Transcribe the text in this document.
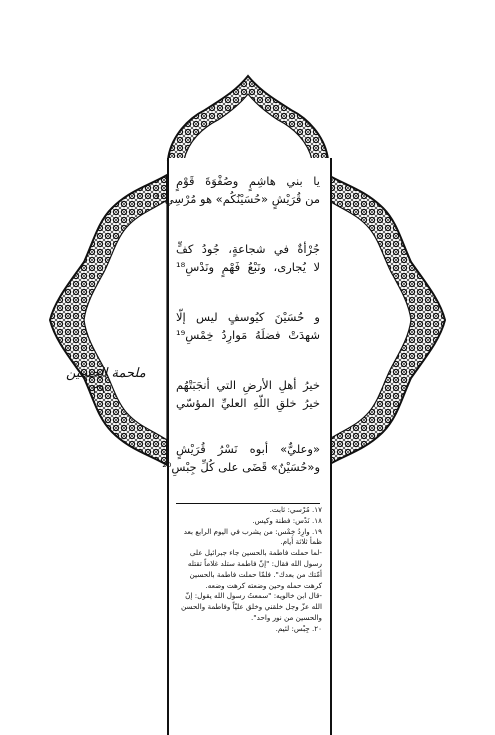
ملحمة الحسين
٢٩
يا بني هاشِمٍ وصُفْوَةَ قَوْمٍ
من قُرَيْشٍ «حُسَيْنُكُم» هو مُرْسِي¹⁷
جُرْأةٌ في شجاعةٍ، جُودُ كفٍّ
لا يُجارى، ونَبْعُ فَهْمٍ ونَدْسِ¹⁸
و حُسَيْنَ كيُوسفٍ ليس إلّا
شهدَتْ فضلَهُ مَوارِدُ خِمْسِ¹⁹
خيرُ أهلِ الأرضِ التي أنجَبَتْهُم
خيرُ خلقِ اللّهِ العليِّ المؤسّي
«وعليٌّ» أبوه نَسْرُ قُرَيْشٍ
و«حُسَيْنٌ» قَضَى على كُلِّ جِبْسِ²⁰

١٧. مُرْسي: ثابت.

١٨. نَدْس: فطنة وكيس.

١٩. وارِدُ خِمْس: من يشرب في اليوم الرابع بعد ظمأ ثلاثة أيام.

-لما حملت فاطمة بالحسين جاء جبرائيل على رسول الله فقال: "إنّ فاطمة ستلد غلاماً تقتله أمّتك من بعدك". فلمّا حملت فاطمة بالحسين كرهت حمله وحين وضعته كرهت وضعه.

-قال ابن خالويه: "سمعتُ رسول الله يقول: إنّ الله عزّ وجل خلقني وخلق عليّاً وفاطمة والحسن والحسين من نور واحد".

٢٠. جِبْس: لئيم.
